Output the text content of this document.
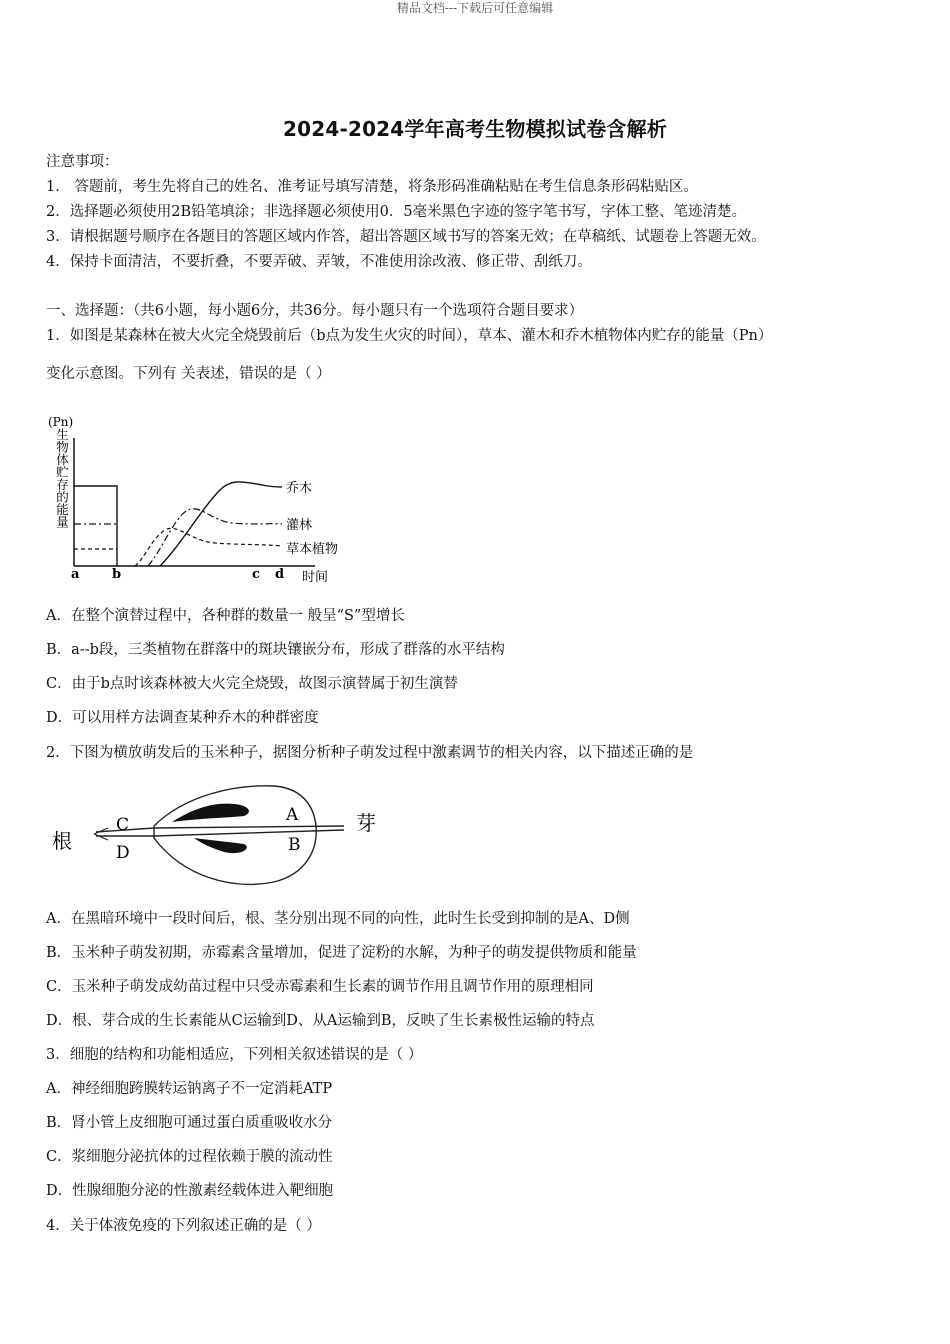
精品文档---下载后可任意编辑
2024-2024学年高考生物模拟试卷含解析
注意事项：
1． 答题前，考生先将自己的姓名、准考证号填写清楚，将条形码准确粘贴在考生信息条形码粘贴区。
2．选择题必须使用2B铅笔填涂；非选择题必须使用0．5毫米黑色字迹的签字笔书写，字体工整、笔迹清楚。
3．请根据题号顺序在各题目的答题区域内作答，超出答题区域书写的答案无效；在草稿纸、试题卷上答题无效。
4．保持卡面清洁，不要折叠，不要弄破、弄皱，不准使用涂改液、修正带、刮纸刀。
一、选择题：（共6小题，每小题6分，共36分。每小题只有一个选项符合题目要求）
1．如图是某森林在被大火完全烧毁前后（b点为发生火灾的时间），草本、灌木和乔木植物体内贮存的能量（Pn）
变化示意图。下列有 关表述，错误的是（ ）
(Pn)
生物体贮存的能量	乔木
灌林
草本植物
a	b	c d 时间
A．在整个演替过程中，各种群的数量一 般呈“S”型增长
B．a--b段，三类植物在群落中的斑块镶嵌分布，形成了群落的水平结构
C．由于b点时该森林被大火完全烧毁，故图示演替属于初生演替
D．可以用样方法调查某种乔木的种群密度
2．下图为横放萌发后的玉米种子，据图分析种子萌发过程中激素调节的相关内容，以下描述正确的是
根
芽
A
B
C
D
A．在黑暗环境中一段时间后，根、茎分别出现不同的向性，此时生长受到抑制的是A、D侧
B．玉米种子萌发初期，赤霉素含量增加，促进了淀粉的水解，为种子的萌发提供物质和能量
C．玉米种子萌发成幼苗过程中只受赤霉素和生长素的调节作用且调节作用的原理相同
D．根、芽合成的生长素能从C运输到D、从A运输到B，反映了生长素极性运输的特点
3．细胞的结构和功能相适应，下列相关叙述错误的是（ ）
A．神经细胞跨膜转运钠离子不一定消耗ATP
B．肾小管上皮细胞可通过蛋白质重吸收水分
C．浆细胞分泌抗体的过程依赖于膜的流动性
D．性腺细胞分泌的性激素经载体进入靶细胞
4．关于体液免疫的下列叙述正确的是（ ）
